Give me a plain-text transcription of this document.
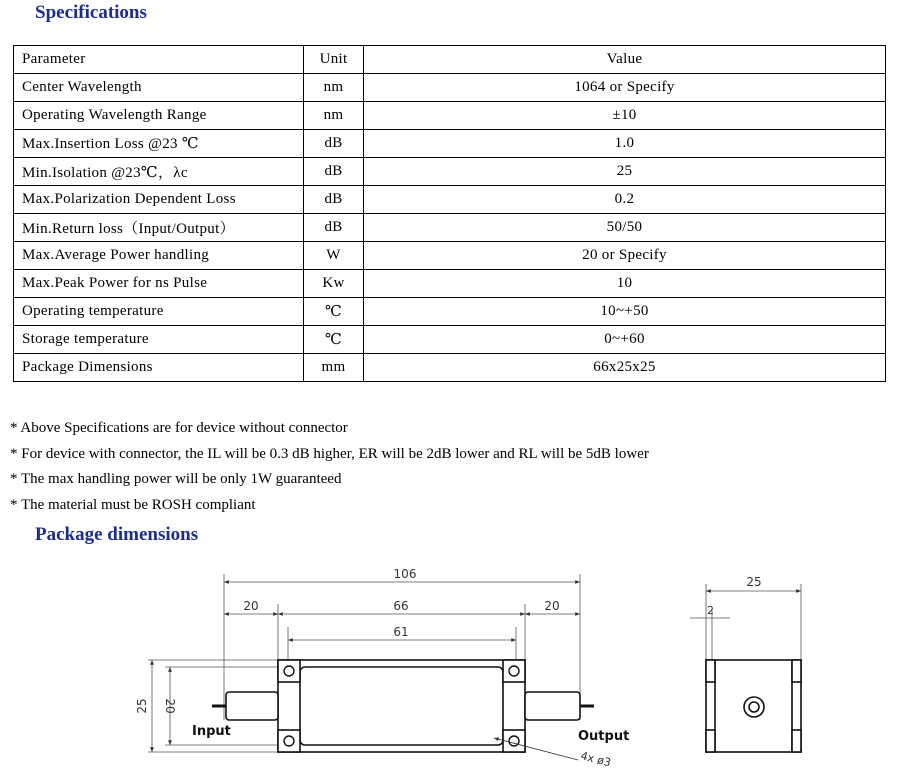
Specifications
Parameter	Unit	Value
Center Wavelength	nm	1064 or Specify
Operating Wavelength Range	nm	±10
Max.Insertion Loss @23 ℃	dB	1.0
Min.Isolation @23℃，λc	dB	25
Max.Polarization Dependent Loss	dB	0.2
Min.Return loss（Input/Output）	dB	50/50
Max.Average Power handling	W	20 or Specify
Max.Peak Power for ns Pulse	Kw	10
Operating temperature	℃	10~+50
Storage temperature	℃	0~+60
Package Dimensions	mm	66x25x25
* Above Specifications are for device without connector
* For device with connector, the IL will be 0.3 dB higher, ER will be 2dB lower and RL will be 5dB lower
* The max handling power will be only 1W guaranteed
* The material must be ROSH compliant
Package dimensions
106
20	66	20
61
25 20
Input	Output
4x ø3
25
2
